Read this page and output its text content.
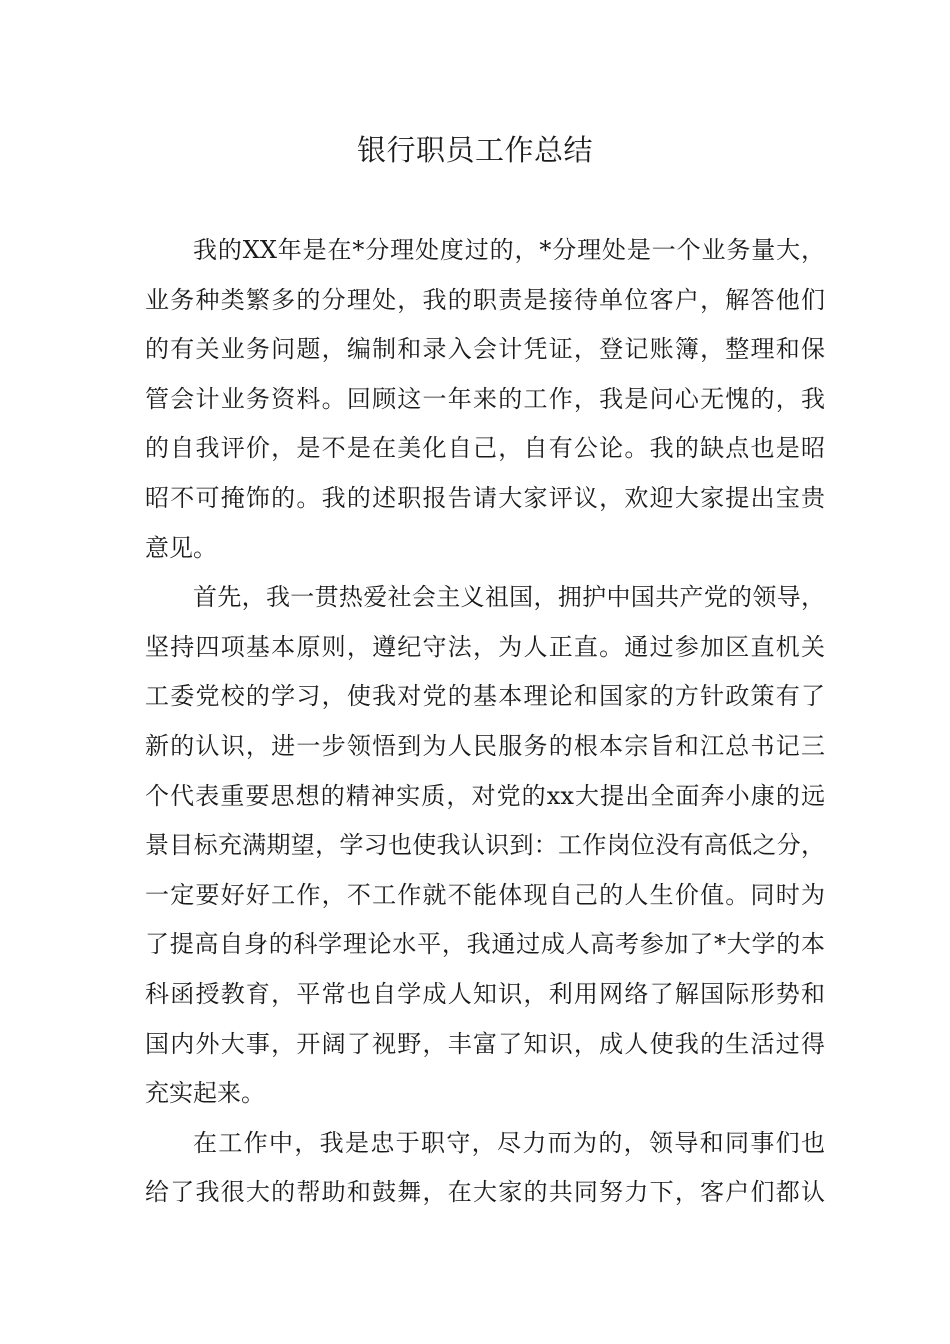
银行职员工作总结
我的XX年是在*分理处度过的，*分理处是一个业务量大，
业务种类繁多的分理处，我的职责是接待单位客户，解答他们
的有关业务问题，编制和录入会计凭证，登记账簿，整理和保
管会计业务资料。回顾这一年来的工作，我是问心无愧的，我
的自我评价，是不是在美化自己，自有公论。我的缺点也是昭
昭不可掩饰的。我的述职报告请大家评议，欢迎大家提出宝贵
意见。
首先，我一贯热爱社会主义祖国，拥护中国共产党的领导，
坚持四项基本原则，遵纪守法，为人正直。通过参加区直机关
工委党校的学习，使我对党的基本理论和国家的方针政策有了
新的认识，进一步领悟到为人民服务的根本宗旨和江总书记三
个代表重要思想的精神实质，对党的xx大提出全面奔小康的远
景目标充满期望，学习也使我认识到：工作岗位没有高低之分，
一定要好好工作，不工作就不能体现自己的人生价值。同时为
了提高自身的科学理论水平，我通过成人高考参加了*大学的本
科函授教育，平常也自学成人知识，利用网络了解国际形势和
国内外大事，开阔了视野，丰富了知识，成人使我的生活过得
充实起来。
在工作中，我是忠于职守，尽力而为的，领导和同事们也
给了我很大的帮助和鼓舞，在大家的共同努力下，客户们都认
